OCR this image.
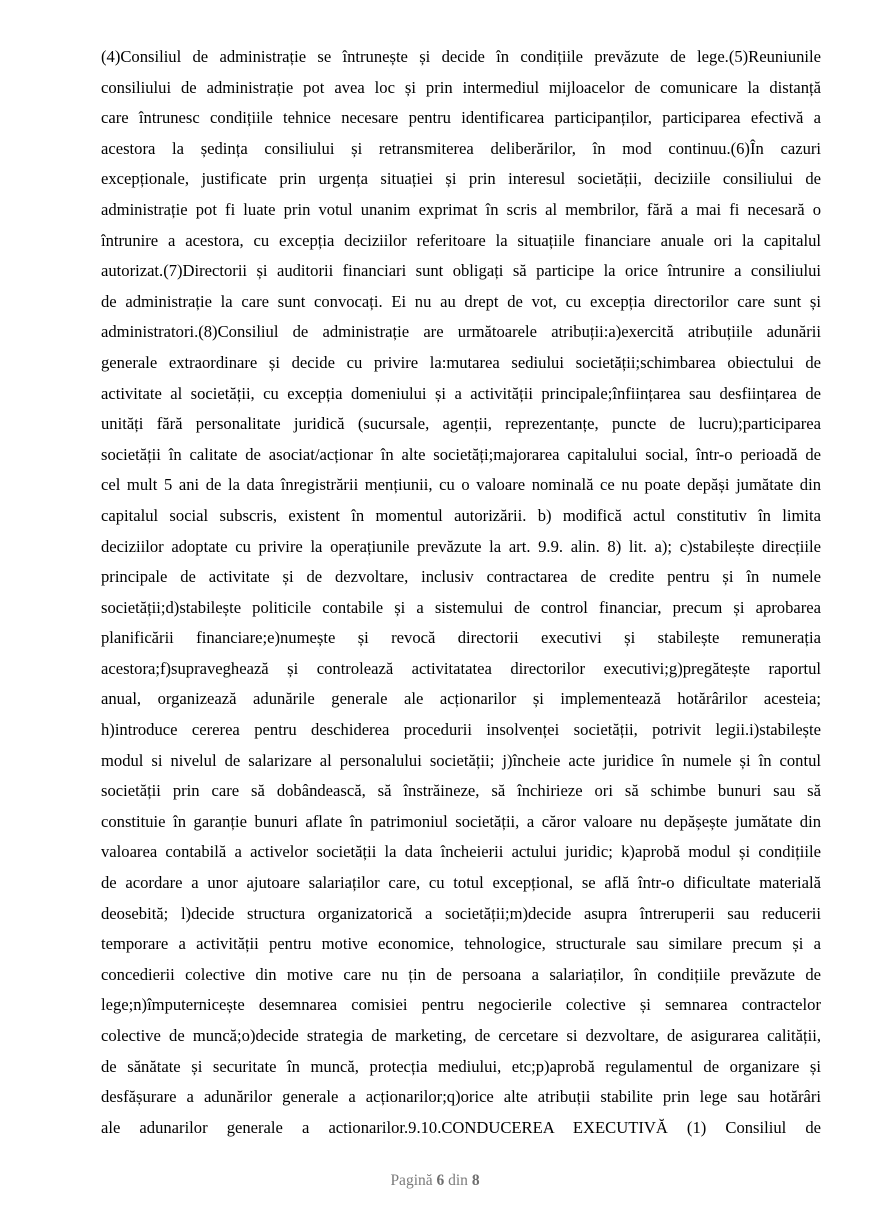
(4)Consiliul de administrație se întrunește și decide în condițiile prevăzute de lege.(5)Reuniunile
consiliului de administrație pot avea loc și prin intermediul mijloacelor de comunicare la distanță
care întrunesc condițiile tehnice necesare pentru identificarea participanților, participarea efectivă a
acestora la ședința consiliului și retransmiterea deliberărilor, în mod continuu.(6)În cazuri
excepționale, justificate prin urgența situației și prin interesul societății, deciziile consiliului de
administrație pot fi luate prin votul unanim exprimat în scris al membrilor, fără a mai fi necesară o
întrunire a acestora, cu excepția deciziilor referitoare la situațiile financiare anuale ori la capitalul
autorizat.(7)Directorii și auditorii financiari sunt obligați să participe la orice întrunire a consiliului
de administrație la care sunt convocați. Ei nu au drept de vot, cu excepția directorilor care sunt și
administratori.(8)Consiliul de administrație are următoarele atribuții:a)exercită atribuțiile adunării
generale extraordinare și decide cu privire la:mutarea sediului societății;schimbarea obiectului de
activitate al societății, cu excepția domeniului și a activității principale;înființarea sau desființarea de
unități fără personalitate juridică (sucursale, agenții, reprezentanțe, puncte de lucru);participarea
societății în calitate de asociat/acționar în alte societăți;majorarea capitalului social, într-o perioadă de
cel mult 5 ani de la data înregistrării mențiunii, cu o valoare nominală ce nu poate depăși jumătate din
capitalul social subscris, existent în momentul autorizării. b) modifică actul constitutiv în limita
deciziilor adoptate cu privire la operațiunile prevăzute la art. 9.9. alin. 8) lit. a); c)stabilește direcțiile
principale de activitate și de dezvoltare, inclusiv contractarea de credite pentru și în numele
societății;d)stabilește politicile contabile și a sistemului de control financiar, precum și aprobarea
planificării financiare;e)numește și revocă directorii executivi și stabilește remunerația
acestora;f)supraveghează și controlează activitatatea directorilor executivi;g)pregătește raportul
anual, organizează adunările generale ale acționarilor și implementează hotărârilor acesteia;
h)introduce cererea pentru deschiderea procedurii insolvenței societății, potrivit legii.i)stabilește
modul si nivelul de salarizare al personalului societății; j)încheie acte juridice în numele și în contul
societății prin care să dobândească, să înstrăineze, să închirieze ori să schimbe bunuri sau să
constituie în garanție bunuri aflate în patrimoniul societății, a căror valoare nu depășește jumătate din
valoarea contabilă a activelor societății la data încheierii actului juridic; k)aprobă modul și condițiile
de acordare a unor ajutoare salariaților care, cu totul excepțional, se află într-o dificultate materială
deosebită; l)decide structura organizatorică a societății;m)decide asupra întreruperii sau reducerii
temporare a activității pentru motive economice, tehnologice, structurale sau similare precum și a
concedierii colective din motive care nu țin de persoana a salariaților, în condițiile prevăzute de
lege;n)împuternicește desemnarea comisiei pentru negocierile colective și semnarea contractelor
colective de muncă;o)decide strategia de marketing, de cercetare si dezvoltare, de asigurarea calității,
de sănătate și securitate în muncă, protecția mediului, etc;p)aprobă regulamentul de organizare și
desfășurare a adunărilor generale a acționarilor;q)orice alte atribuții stabilite prin lege sau hotărâri
ale adunarilor generale a actionarilor.9.10.CONDUCEREA EXECUTIVĂ (1) Consiliul de
Pagină 6 din 8
